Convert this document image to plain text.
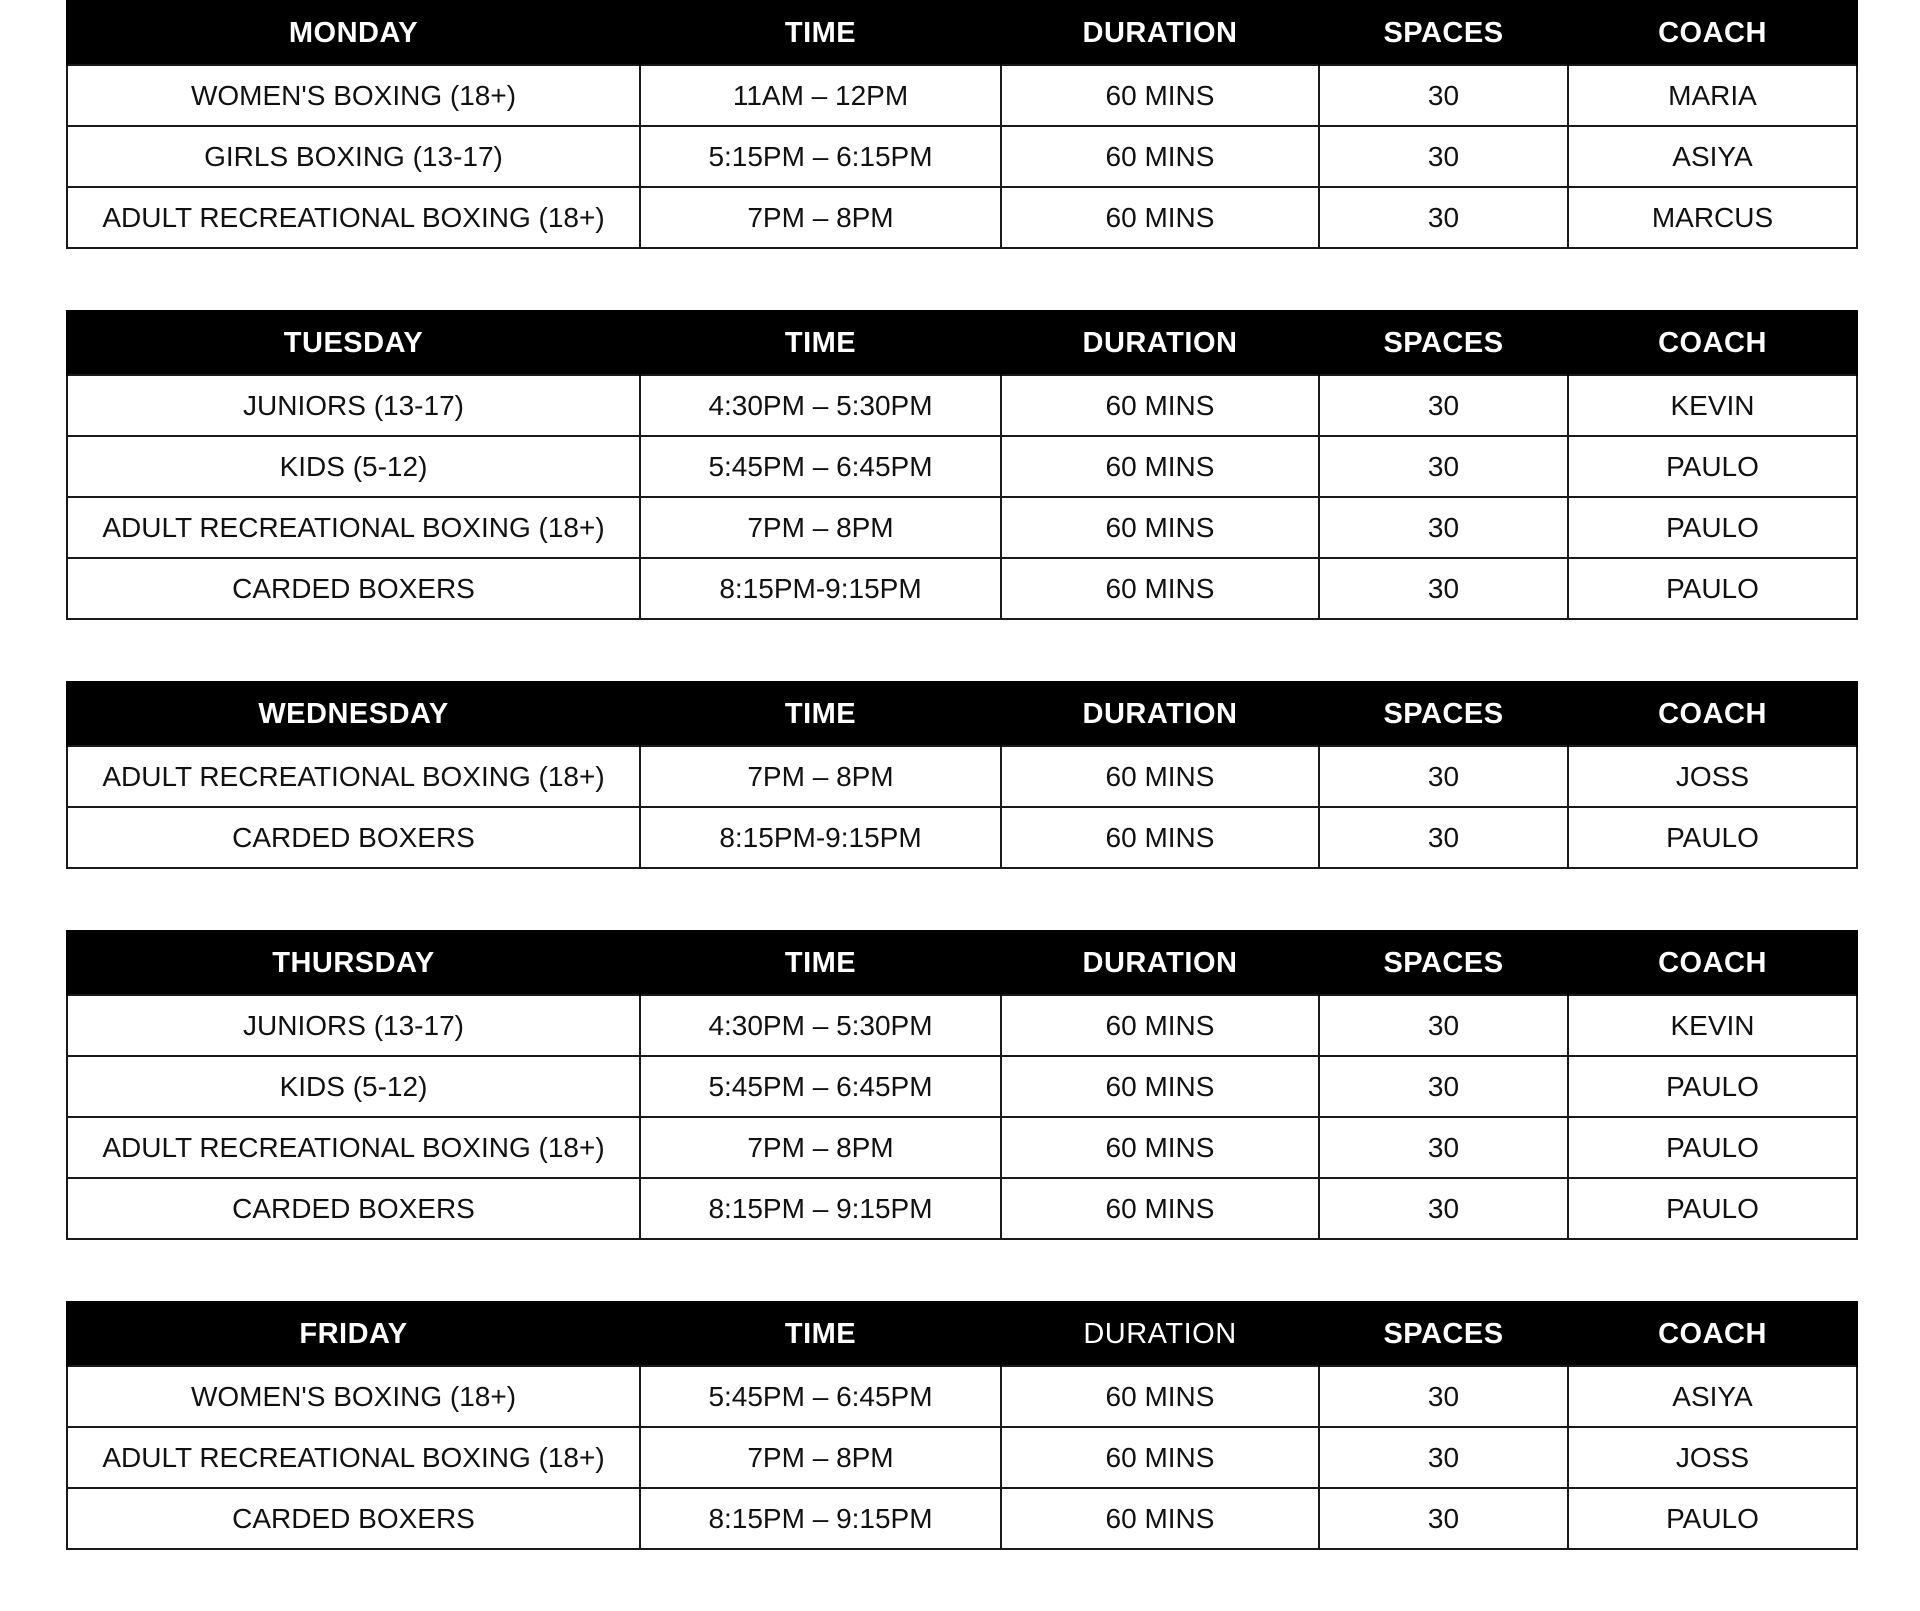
MONDAY	TIME	DURATION	SPACES	COACH
WOMEN'S BOXING (18+)	11AM – 12PM	60 MINS	30	MARIA
GIRLS BOXING (13-17)	5:15PM – 6:15PM	60 MINS	30	ASIYA
ADULT RECREATIONAL BOXING (18+)	7PM – 8PM	60 MINS	30	MARCUS
TUESDAY	TIME	DURATION	SPACES	COACH
JUNIORS (13-17)	4:30PM – 5:30PM	60 MINS	30	KEVIN
KIDS (5-12)	5:45PM – 6:45PM	60 MINS	30	PAULO
ADULT RECREATIONAL BOXING (18+)	7PM – 8PM	60 MINS	30	PAULO
CARDED BOXERS	8:15PM-9:15PM	60 MINS	30	PAULO
WEDNESDAY	TIME	DURATION	SPACES	COACH
ADULT RECREATIONAL BOXING (18+)	7PM – 8PM	60 MINS	30	JOSS
CARDED BOXERS	8:15PM-9:15PM	60 MINS	30	PAULO
THURSDAY	TIME	DURATION	SPACES	COACH
JUNIORS (13-17)	4:30PM – 5:30PM	60 MINS	30	KEVIN
KIDS (5-12)	5:45PM – 6:45PM	60 MINS	30	PAULO
ADULT RECREATIONAL BOXING (18+)	7PM – 8PM	60 MINS	30	PAULO
CARDED BOXERS	8:15PM – 9:15PM	60 MINS	30	PAULO
FRIDAY	TIME	DURATION	SPACES	COACH
WOMEN'S BOXING (18+)	5:45PM – 6:45PM	60 MINS	30	ASIYA
ADULT RECREATIONAL BOXING (18+)	7PM – 8PM	60 MINS	30	JOSS
CARDED BOXERS	8:15PM – 9:15PM	60 MINS	30	PAULO
